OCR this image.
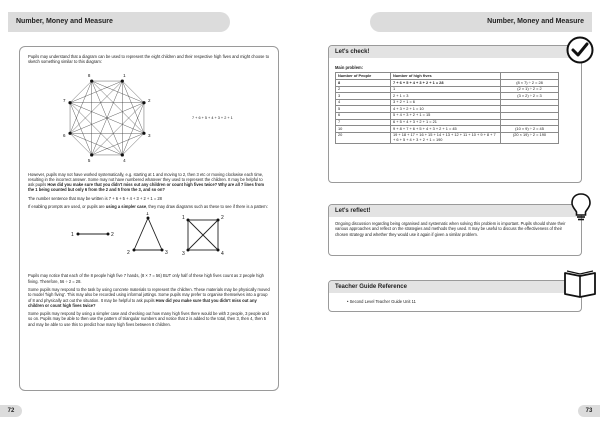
Number, Money and Measure

Pupils may understand that a diagram can be used to represent the eight children and their respective high fives and might choose to sketch something similar to this diagram:

8	1
2
3
4
5
6
7
7 + 6 + 5 + 4 + 3 + 2 + 1

However, pupils may not have worked systematically, e.g. starting at 1 and moving to 2, then 3 etc or moving clockwise each time, resulting in the incorrect answer. Some may not have numbered whatever they used to represent the children. It may be helpful to ask pupils How did you make sure that you didn't miss out any children or count high fives twice? Why are all 7 lines from the 1 being counted but only 6 from the 2 and 5 from the 3, and so on?

The number sentence that may be written is 7 + 6 + 5 + 4 + 3 + 2 + 1 = 28

If enabling prompts are used, or pupils are using a simpler case, they may draw diagrams such as these to see if there is a pattern:

1	2
1
2	3
1	2
3	4

Pupils may notice that each of the 8 people high five 7 hands, (8 × 7 = 56) BUT only half of these high fives count as 2 people high fiving. Therefore, 56 ÷ 2 = 28.

Some pupils may respond to the task by using concrete materials to represent the children. These materials may be physically moved to model 'high fiving'. This may also be recorded using informal jottings. Some pupils may prefer to organise themselves into a group of 8 and physically act out the situation. It may be helpful to ask pupils How did you make sure that you didn't miss out any children or count high fives twice?

Some pupils may respond by using a simpler case and checking out how many high fives there would be with 2 people, 3 people and so on. Pupils may be able to then use the pattern of triangular numbers and notice that 2 is added to the total, then 3, then 4, then 5 and may be able to use this to predict how many high fives between 8 children.

72
Number, Money and Measure
Let's check!
Main problem:
Number of People	Number of high fives	
8	7 + 6 + 5 + 4 + 3 + 2 + 1 = 28	(8 × 7) ÷ 2 = 28
2	1	(2 × 1) ÷ 2 = 2
3	2 + 1 = 3	(3 × 2) ÷ 2 = 3
4	3 + 2 + 1 = 6	
5	4 + 3 + 2 + 1 = 10	
6	5 + 4 + 3 + 2 + 1 = 15	
7	6 + 5 + 4 + 3 + 2 + 1 = 21	
10	9 + 8 + 7 + 6 + 5 + 4 + 3 + 2 + 1 = 45	(10 × 9) ÷ 2 = 45
20	19 + 18 + 17 + 16 + 15 + 14 + 13 + 12 + 11 + 10 + 9 + 8 + 7 + 6 + 5 + 4 + 3 + 2 + 1 = 190	(20 × 19) ÷ 2 = 190
Let's reflect!
Ongoing discussion regarding being organised and systematic when solving this problem is important. Pupils should share their various approaches and reflect on the strategies and methods they used. It may be useful to discuss the effectiveness of their chosen strategy and whether they would use it again if given a similar problem.
Teacher Guide Reference
• Second Level Teacher Guide Unit 11
73
